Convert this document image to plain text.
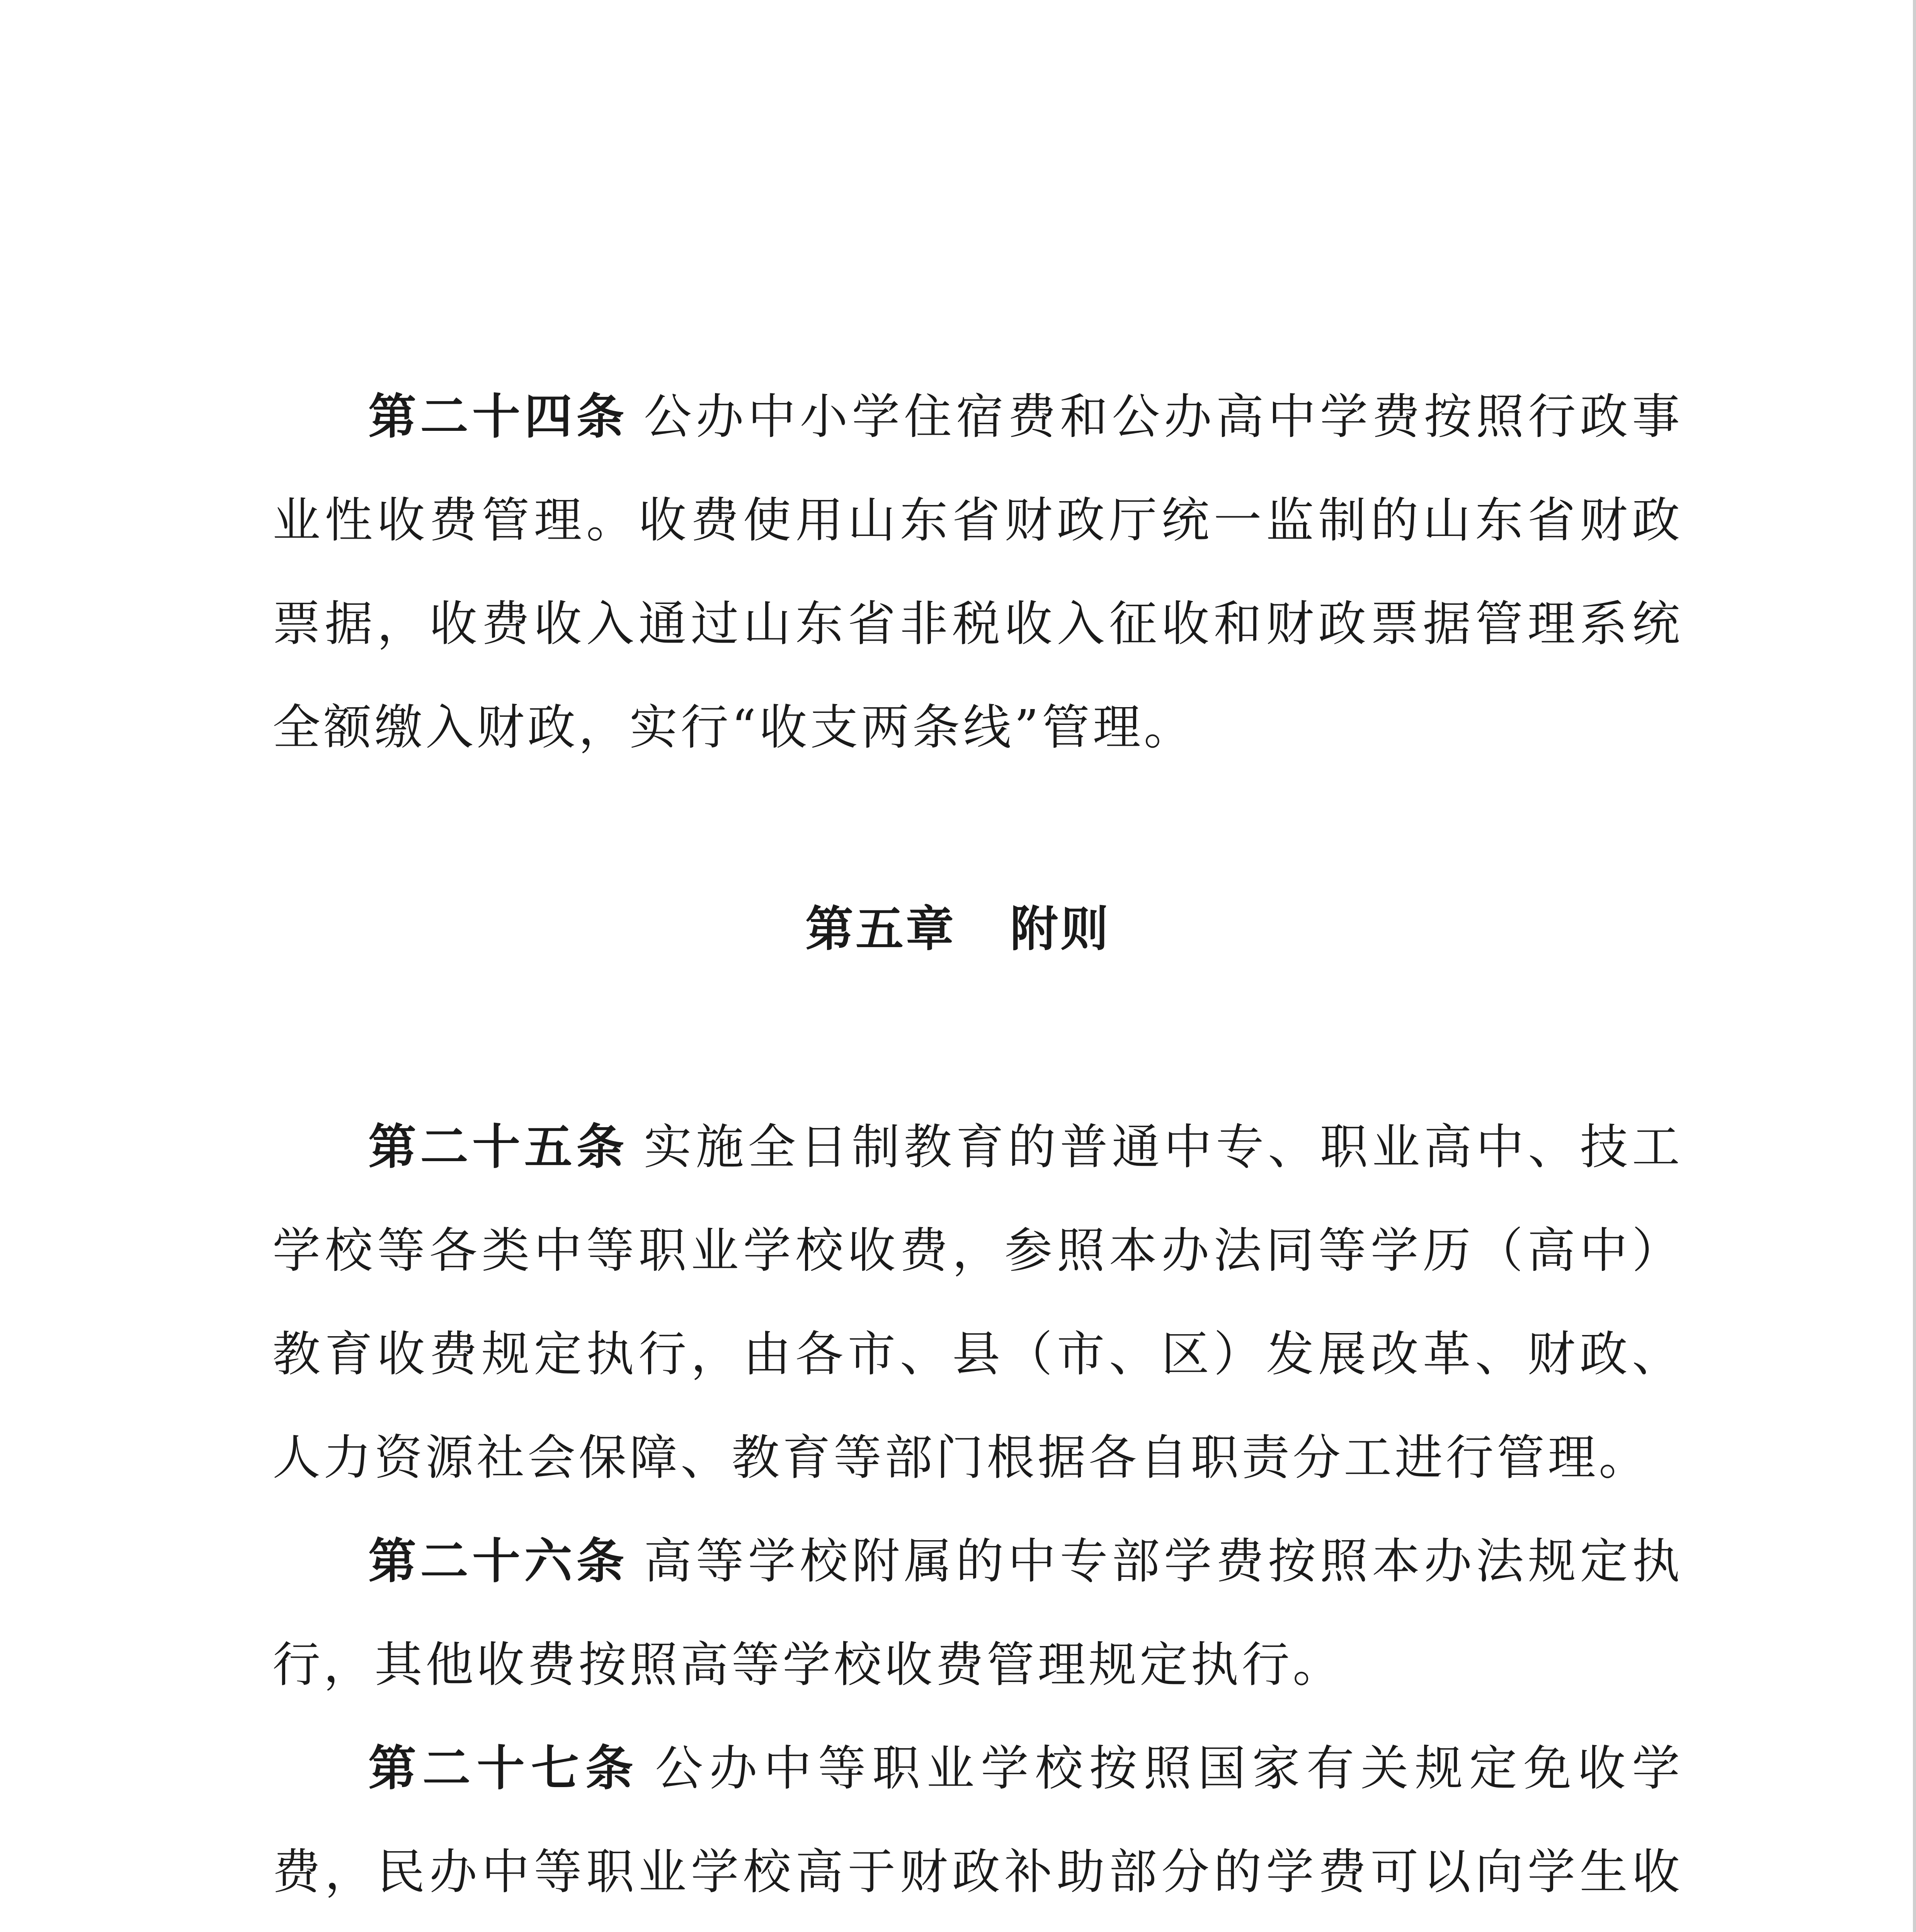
第二十四条 公办中小学住宿费和公办高中学费按照行政事业性收费管理。收费使用山东省财政厅统一监制的山东省财政票据，收费收入通过山东省非税收入征收和财政票据管理系统全额缴入财政，实行“收支两条线”管理。

第五章 附则

第二十五条 实施全日制教育的普通中专、职业高中、技工学校等各类中等职业学校收费，参照本办法同等学历（高中）教育收费规定执行，由各市、县（市、区）发展改革、财政、人力资源社会保障、教育等部门根据各自职责分工进行管理。

第二十六条 高等学校附属的中专部学费按照本办法规定执行，其他收费按照高等学校收费管理规定执行。

第二十七条 公办中等职业学校按照国家有关规定免收学费，民办中等职业学校高于财政补助部分的学费可以向学生收
